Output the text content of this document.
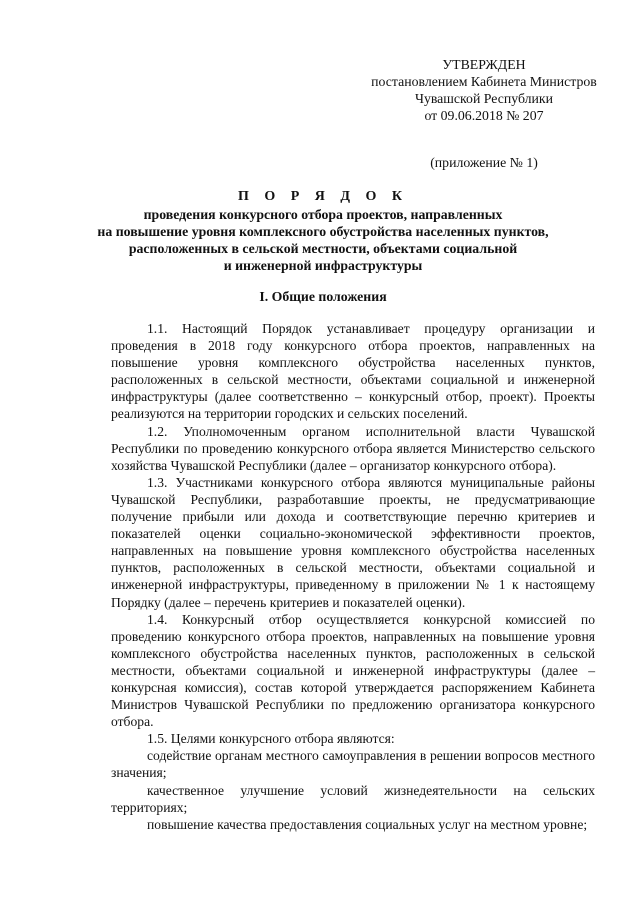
УТВЕРЖДЕН
постановлением Кабинета Министров
Чувашской Республики
от 09.06.2018 № 207
(приложение № 1)
П О Р Я Д О К
проведения конкурсного отбора проектов, направленных
на повышение уровня комплексного обустройства населенных пунктов,
расположенных в сельской местности, объектами социальной
и инженерной инфраструктуры
I. Общие положения

1.1. Настоящий Порядок устанавливает процедуру организации и проведения в 2018 году конкурсного отбора проектов, направленных на повышение уровня комплексного обустройства населенных пунктов, расположенных в сельской местности, объектами социальной и инженерной инфраструктуры (далее соответственно – конкурсный отбор, проект). Проекты реализуются на территории городских и сельских поселений.

1.2. Уполномоченным органом исполнительной власти Чувашской Республики по проведению конкурсного отбора является Министерство сельского хозяйства Чувашской Республики (далее – организатор конкурсного отбора).

1.3. Участниками конкурсного отбора являются муниципальные районы Чувашской Республики, разработавшие проекты, не предусматривающие получение прибыли или дохода и соответствующие перечню критериев и показателей оценки социально-экономической эффективности проектов, направленных на повышение уровня комплексного обустройства населенных пунктов, расположенных в сельской местности, объектами социальной и инженерной инфраструктуры, приведенному в приложении № 1 к настоящему Порядку (далее – перечень критериев и показателей оценки).

1.4. Конкурсный отбор осуществляется конкурсной комиссией по проведению конкурсного отбора проектов, направленных на повышение уровня комплексного обустройства населенных пунктов, расположенных в сельской местности, объектами социальной и инженерной инфраструктуры (далее – конкурсная комиссия), состав которой утверждается распоряжением Кабинета Министров Чувашской Республики по предложению организатора конкурсного отбора.

1.5. Целями конкурсного отбора являются:

содействие органам местного самоуправления в решении вопросов местного значения;

качественное улучшение условий жизнедеятельности на сельских территориях;

повышение качества предоставления социальных услуг на местном уровне;
